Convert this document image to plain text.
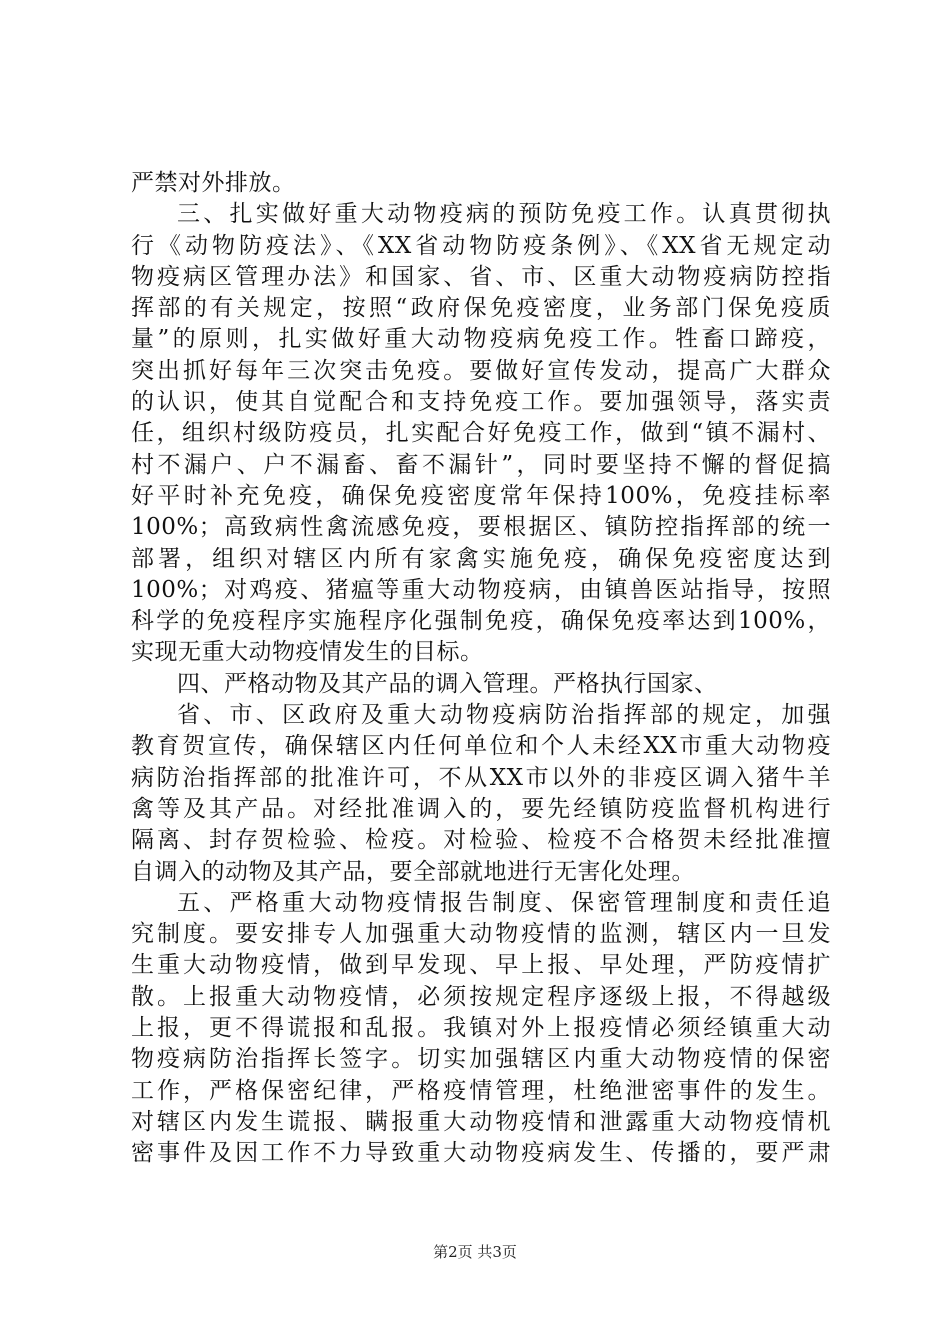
严禁对外排放。
三、扎实做好重大动物疫病的预防免疫工作。认真贯彻执
行《动物防疫法》、《XX省动物防疫条例》、《XX省无规定动
物疫病区管理办法》和国家、省、市、区重大动物疫病防控指
挥部的有关规定，按照“政府保免疫密度，业务部门保免疫质
量”的原则，扎实做好重大动物疫病免疫工作。牲畜口蹄疫，
突出抓好每年三次突击免疫。要做好宣传发动，提高广大群众
的认识，使其自觉配合和支持免疫工作。要加强领导，落实责
任，组织村级防疫员，扎实配合好免疫工作，做到“镇不漏村、
村不漏户、户不漏畜、畜不漏针”，同时要坚持不懈的督促搞
好平时补充免疫，确保免疫密度常年保持100%，免疫挂标率
100%；高致病性禽流感免疫，要根据区、镇防控指挥部的统一
部署，组织对辖区内所有家禽实施免疫，确保免疫密度达到
100%；对鸡疫、猪瘟等重大动物疫病，由镇兽医站指导，按照
科学的免疫程序实施程序化强制免疫，确保免疫率达到100%，
实现无重大动物疫情发生的目标。
四、严格动物及其产品的调入管理。严格执行国家、
省、市、区政府及重大动物疫病防治指挥部的规定，加强
教育贺宣传，确保辖区内任何单位和个人未经XX市重大动物疫
病防治指挥部的批准许可，不从XX市以外的非疫区调入猪牛羊
禽等及其产品。对经批准调入的，要先经镇防疫监督机构进行
隔离、封存贺检验、检疫。对检验、检疫不合格贺未经批准擅
自调入的动物及其产品，要全部就地进行无害化处理。
五、严格重大动物疫情报告制度、保密管理制度和责任追
究制度。要安排专人加强重大动物疫情的监测，辖区内一旦发
生重大动物疫情，做到早发现、早上报、早处理，严防疫情扩
散。上报重大动物疫情，必须按规定程序逐级上报，不得越级
上报，更不得谎报和乱报。我镇对外上报疫情必须经镇重大动
物疫病防治指挥长签字。切实加强辖区内重大动物疫情的保密
工作，严格保密纪律，严格疫情管理，杜绝泄密事件的发生。
对辖区内发生谎报、瞒报重大动物疫情和泄露重大动物疫情机
密事件及因工作不力导致重大动物疫病发生、传播的，要严肃
第2页 共3页
